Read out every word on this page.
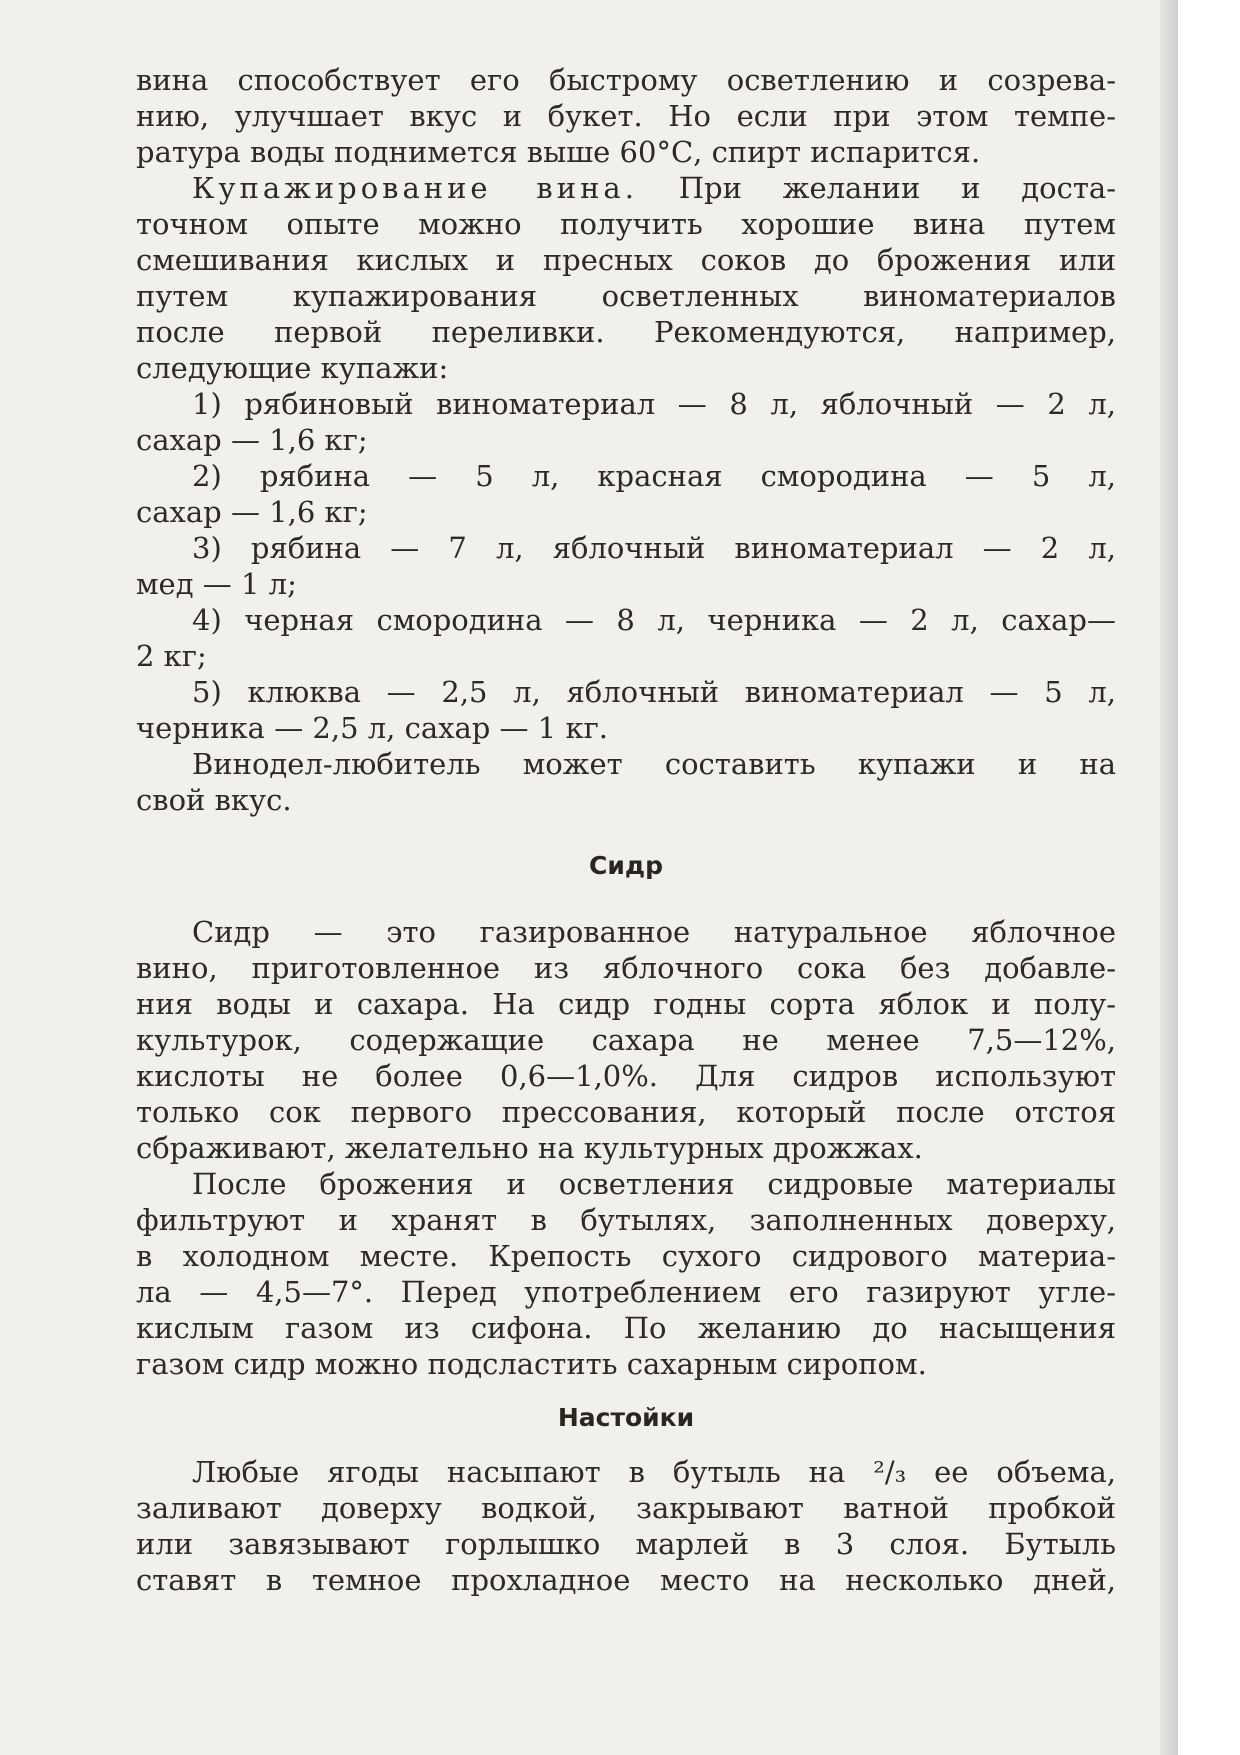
вина способствует его быстрому осветлению и созрева-
нию, улучшает вкус и букет. Но если при этом темпе-
ратура воды поднимется выше 60°С, спирт испарится.
Купажирование вина. При желании и доста-
точном опыте можно получить хорошие вина путем
смешивания кислых и пресных соков до брожения или
путем купажирования осветленных виноматериалов
после первой переливки. Рекомендуются, например,
следующие купажи:
1) рябиновый виноматериал — 8 л, яблочный — 2 л,
сахар — 1,6 кг;
2) рябина — 5 л, красная смородина — 5 л,
сахар — 1,6 кг;
3) рябина — 7 л, яблочный виноматериал — 2 л,
мед — 1 л;
4) черная смородина — 8 л, черника — 2 л, сахар—
2 кг;
5) клюква — 2,5 л, яблочный виноматериал — 5 л,
черника — 2,5 л, сахар — 1 кг.
Винодел-любитель может составить купажи и на
свой вкус.
Сидр
Сидр — это газированное натуральное яблочное
вино, приготовленное из яблочного сока без добавле-
ния воды и сахара. На сидр годны сорта яблок и полу-
культурок, содержащие сахара не менее 7,5—12%,
кислоты не более 0,6—1,0%. Для сидров используют
только сок первого прессования, который после отстоя
сбраживают, желательно на культурных дрожжах.
После брожения и осветления сидровые материалы
фильтруют и хранят в бутылях, заполненных доверху,
в холодном месте. Крепость сухого сидрового материа-
ла — 4,5—7°. Перед употреблением его газируют угле-
кислым газом из сифона. По желанию до насыщения
газом сидр можно подсластить сахарным сиропом.
Настойки
Любые ягоды насыпают в бутыль на ²/₃ ее объема,
заливают доверху водкой, закрывают ватной пробкой
или завязывают горлышко марлей в 3 слоя. Бутыль
ставят в темное прохладное место на несколько дней,
